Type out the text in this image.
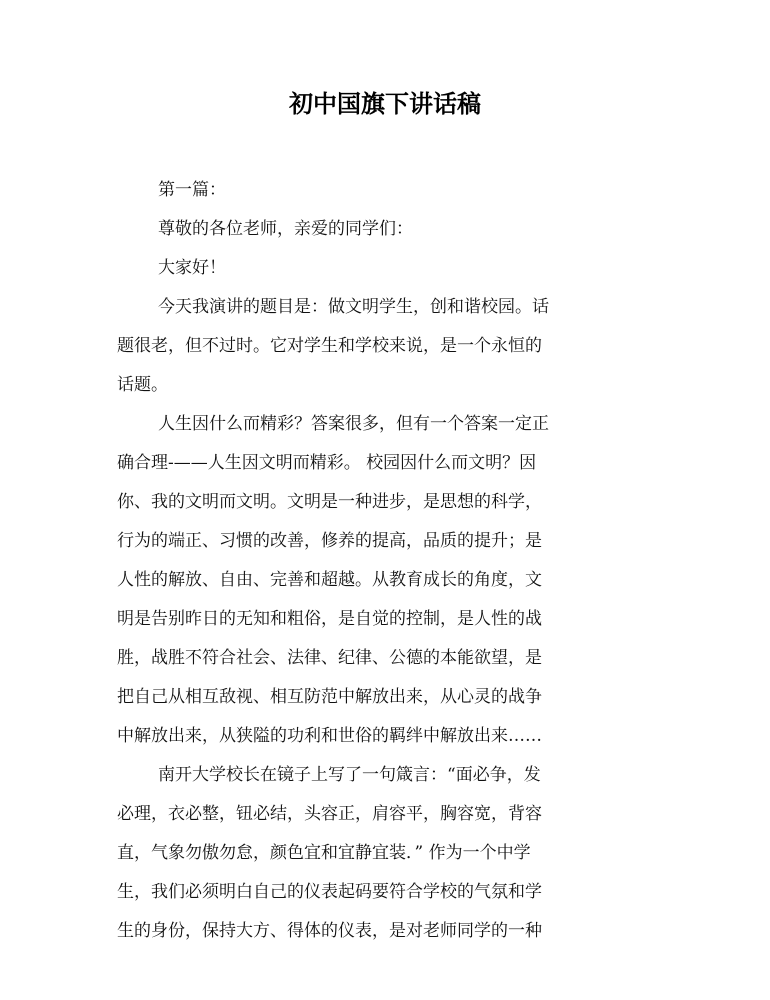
初中国旗下讲话稿
第一篇：
尊敬的各位老师，亲爱的同学们：
大家好！
今天我演讲的题目是：做文明学生，创和谐校园。话
题很老，但不过时。它对学生和学校来说，是一个永恒的
话题。
人生因什么而精彩？答案很多，但有一个答案一定正
确合理-——人生因文明而精彩。 校园因什么而文明？因
你、我的文明而文明。文明是一种进步，是思想的科学，
行为的端正、习惯的改善，修养的提高，品质的提升；是
人性的解放、自由、完善和超越。从教育成长的角度，文
明是告别昨日的无知和粗俗，是自觉的控制，是人性的战
胜，战胜不符合社会、法律、纪律、公德的本能欲望，是
把自己从相互敌视、相互防范中解放出来，从心灵的战争
中解放出来，从狭隘的功利和世俗的羁绊中解放出来……
南开大学校长在镜子上写了一句箴言：“面必争，发
必理，衣必整，钮必结，头容正，肩容平，胸容宽，背容
直，气象勿傲勿怠，颜色宜和宜静宜装．” 作为一个中学
生，我们必须明白自己的仪表起码要符合学校的气氛和学
生的身份，保持大方、得体的仪表，是对老师同学的一种
